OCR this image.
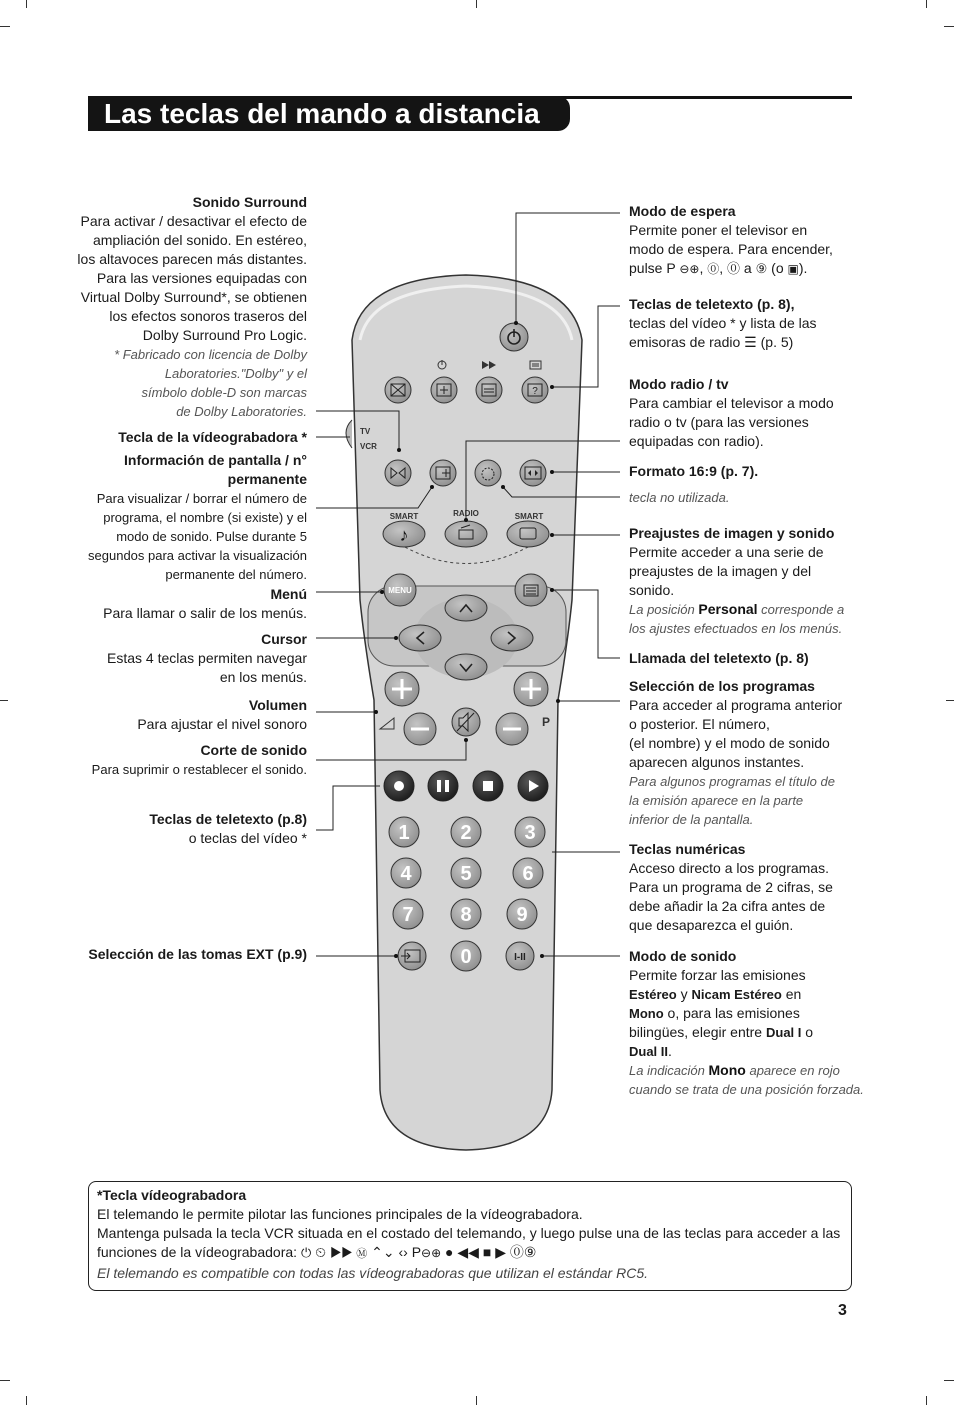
Las teclas del mando a distancia
?
TV
VCR
SMART	RADIO	SMART
♪
MENU
P
1	2	3
4 5	6
7 8 9
0	I-II
Sonido Surround
Para activar / desactivar el efecto de
ampliación del sonido. En estéreo,
los altavoces parecen más distantes.
Para las versiones equipadas con
Virtual Dolby Surround*, se obtienen
los efectos sonoros traseros del
Dolby Surround Pro Logic.
* Fabricado con licencia de Dolby
Laboratories."Dolby" y el
símbolo doble-D son marcas
de Dolby Laboratories.
Tecla de la vídeograbadora *
Información de pantalla / n°
permanente
Para visualizar / borrar el número de
programa, el nombre (si existe) y el
modo de sonido. Pulse durante 5
segundos para activar la visualización
permanente del número.
Menú
Para llamar o salir de los menús.
Cursor
Estas 4 teclas permiten navegar
en los menús.
Volumen
Para ajustar el nivel sonoro
Corte de sonido
Para suprimir o restablecer el sonido.
Teclas de teletexto (p.8)
o teclas del vídeo *
Selección de las tomas EXT (p.9)
Modo de espera
Permite poner el televisor en
modo de espera. Para encender,
pulse P ⊖⊕, ⓪, ⓪ a ⑨ (o ▣).
Teclas de teletexto (p. 8),
teclas del vídeo * y lista de las
emisoras de radio ☰ (p. 5)
Modo radio / tv
Para cambiar el televisor a modo
radio o tv (para las versiones
equipadas con radio).
Formato 16:9 (p. 7).
tecla no utilizada.
Preajustes de imagen y sonido
Permite acceder a una serie de
preajustes de la imagen y del
sonido.
La posición Personal corresponde a
los ajustes efectuados en los menús.
Llamada del teletexto (p. 8)
Selección de los programas
Para acceder al programa anterior
o posterior. El número,
(el nombre) y el modo de sonido
aparecen algunos instantes.
Para algunos programas el título de
la emisión aparece en la parte
inferior de la pantalla.
Teclas numéricas
Acceso directo a los programas.
Para un programa de 2 cifras, se
debe añadir la 2a cifra antes de
que desaparezca el guión.
Modo de sonido
Permite forzar las emisiones
Estéreo y Nicam Estéreo en
Mono o, para las emisiones
bilingües, elegir entre Dual I o
Dual II.
La indicación Mono aparece en rojo
cuando se trata de una posición forzada.
*Tecla vídeograbadora
El telemando le permite pilotar las funciones principales de la vídeograbadora.
Mantenga pulsada la tecla VCR situada en el costado del telemando, y luego pulse una de las teclas para acceder a las
funciones de la vídeograbadora: ⏻ ⏲ ▶▶ Ⓜ ⌃⌄ ‹› P⊖⊕ ● ◀◀ ■ ▶ ⓪⑨
El telemando es compatible con todas las vídeograbadoras que utilizan el estándar RC5.
3
